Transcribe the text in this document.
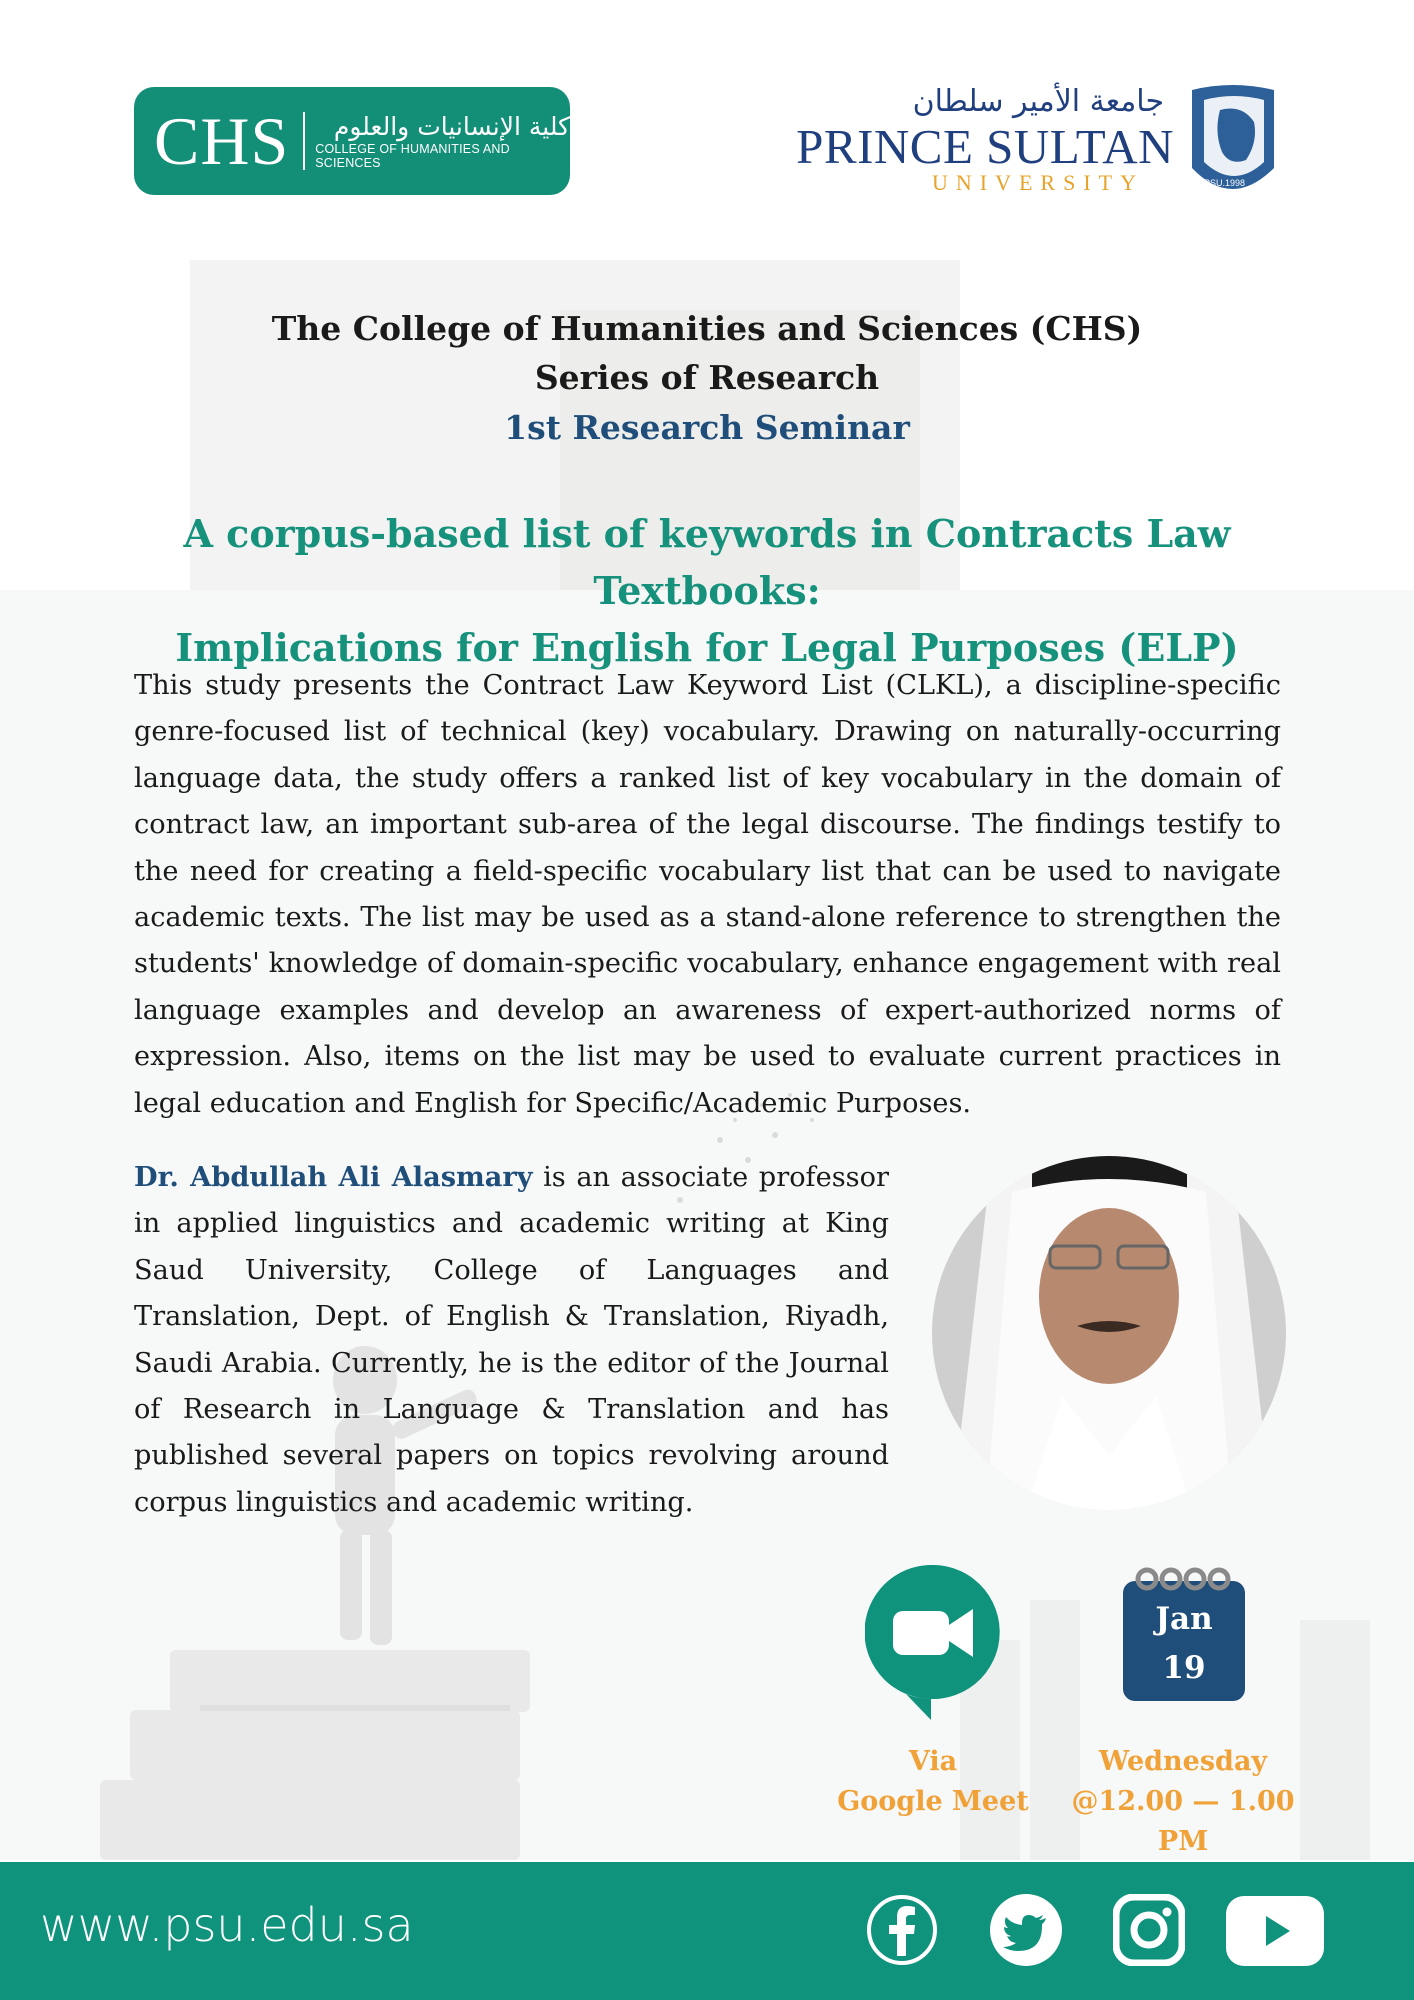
CHS	كلية الإنسانيات والعلوم
COLLEGE OF HUMANITIES AND SCIENCES
جامعة الأمير سلطان
PRINCE SULTAN
UNIVERSITY	PSU.1998
The College of Humanities and Sciences (CHS)
Series of Research
1st Research Seminar
A corpus-based list of keywords in Contracts Law Textbooks:
Implications for English for Legal Purposes (ELP)
This study presents the Contract Law Keyword List (CLKL), a discipline-specific genre-focused list of technical (key) vocabulary. Drawing on naturally-occurring language data, the study offers a ranked list of key vocabulary in the domain of contract law, an important sub-area of the legal discourse. The findings testify to the need for creating a field-specific vocabulary list that can be used to navigate academic texts. The list may be used as a stand-alone reference to strengthen the students' knowledge of domain-specific vocabulary, enhance engagement with real language examples and develop an awareness of expert-authorized norms of expression. Also, items on the list may be used to evaluate current practices in legal education and English for Specific/Academic Purposes.
Dr. Abdullah Ali Alasmary is an associate professor in applied linguistics and academic writing at King Saud University, College of Languages and Translation, Dept. of English & Translation, Riyadh, Saudi Arabia. Currently, he is the editor of the Journal of Research in Language & Translation and has published several papers on topics revolving around corpus linguistics and academic writing.
Jan
19
Via
Google Meet
Wednesday
@12.00 — 1.00 PM
www.psu.edu.sa
